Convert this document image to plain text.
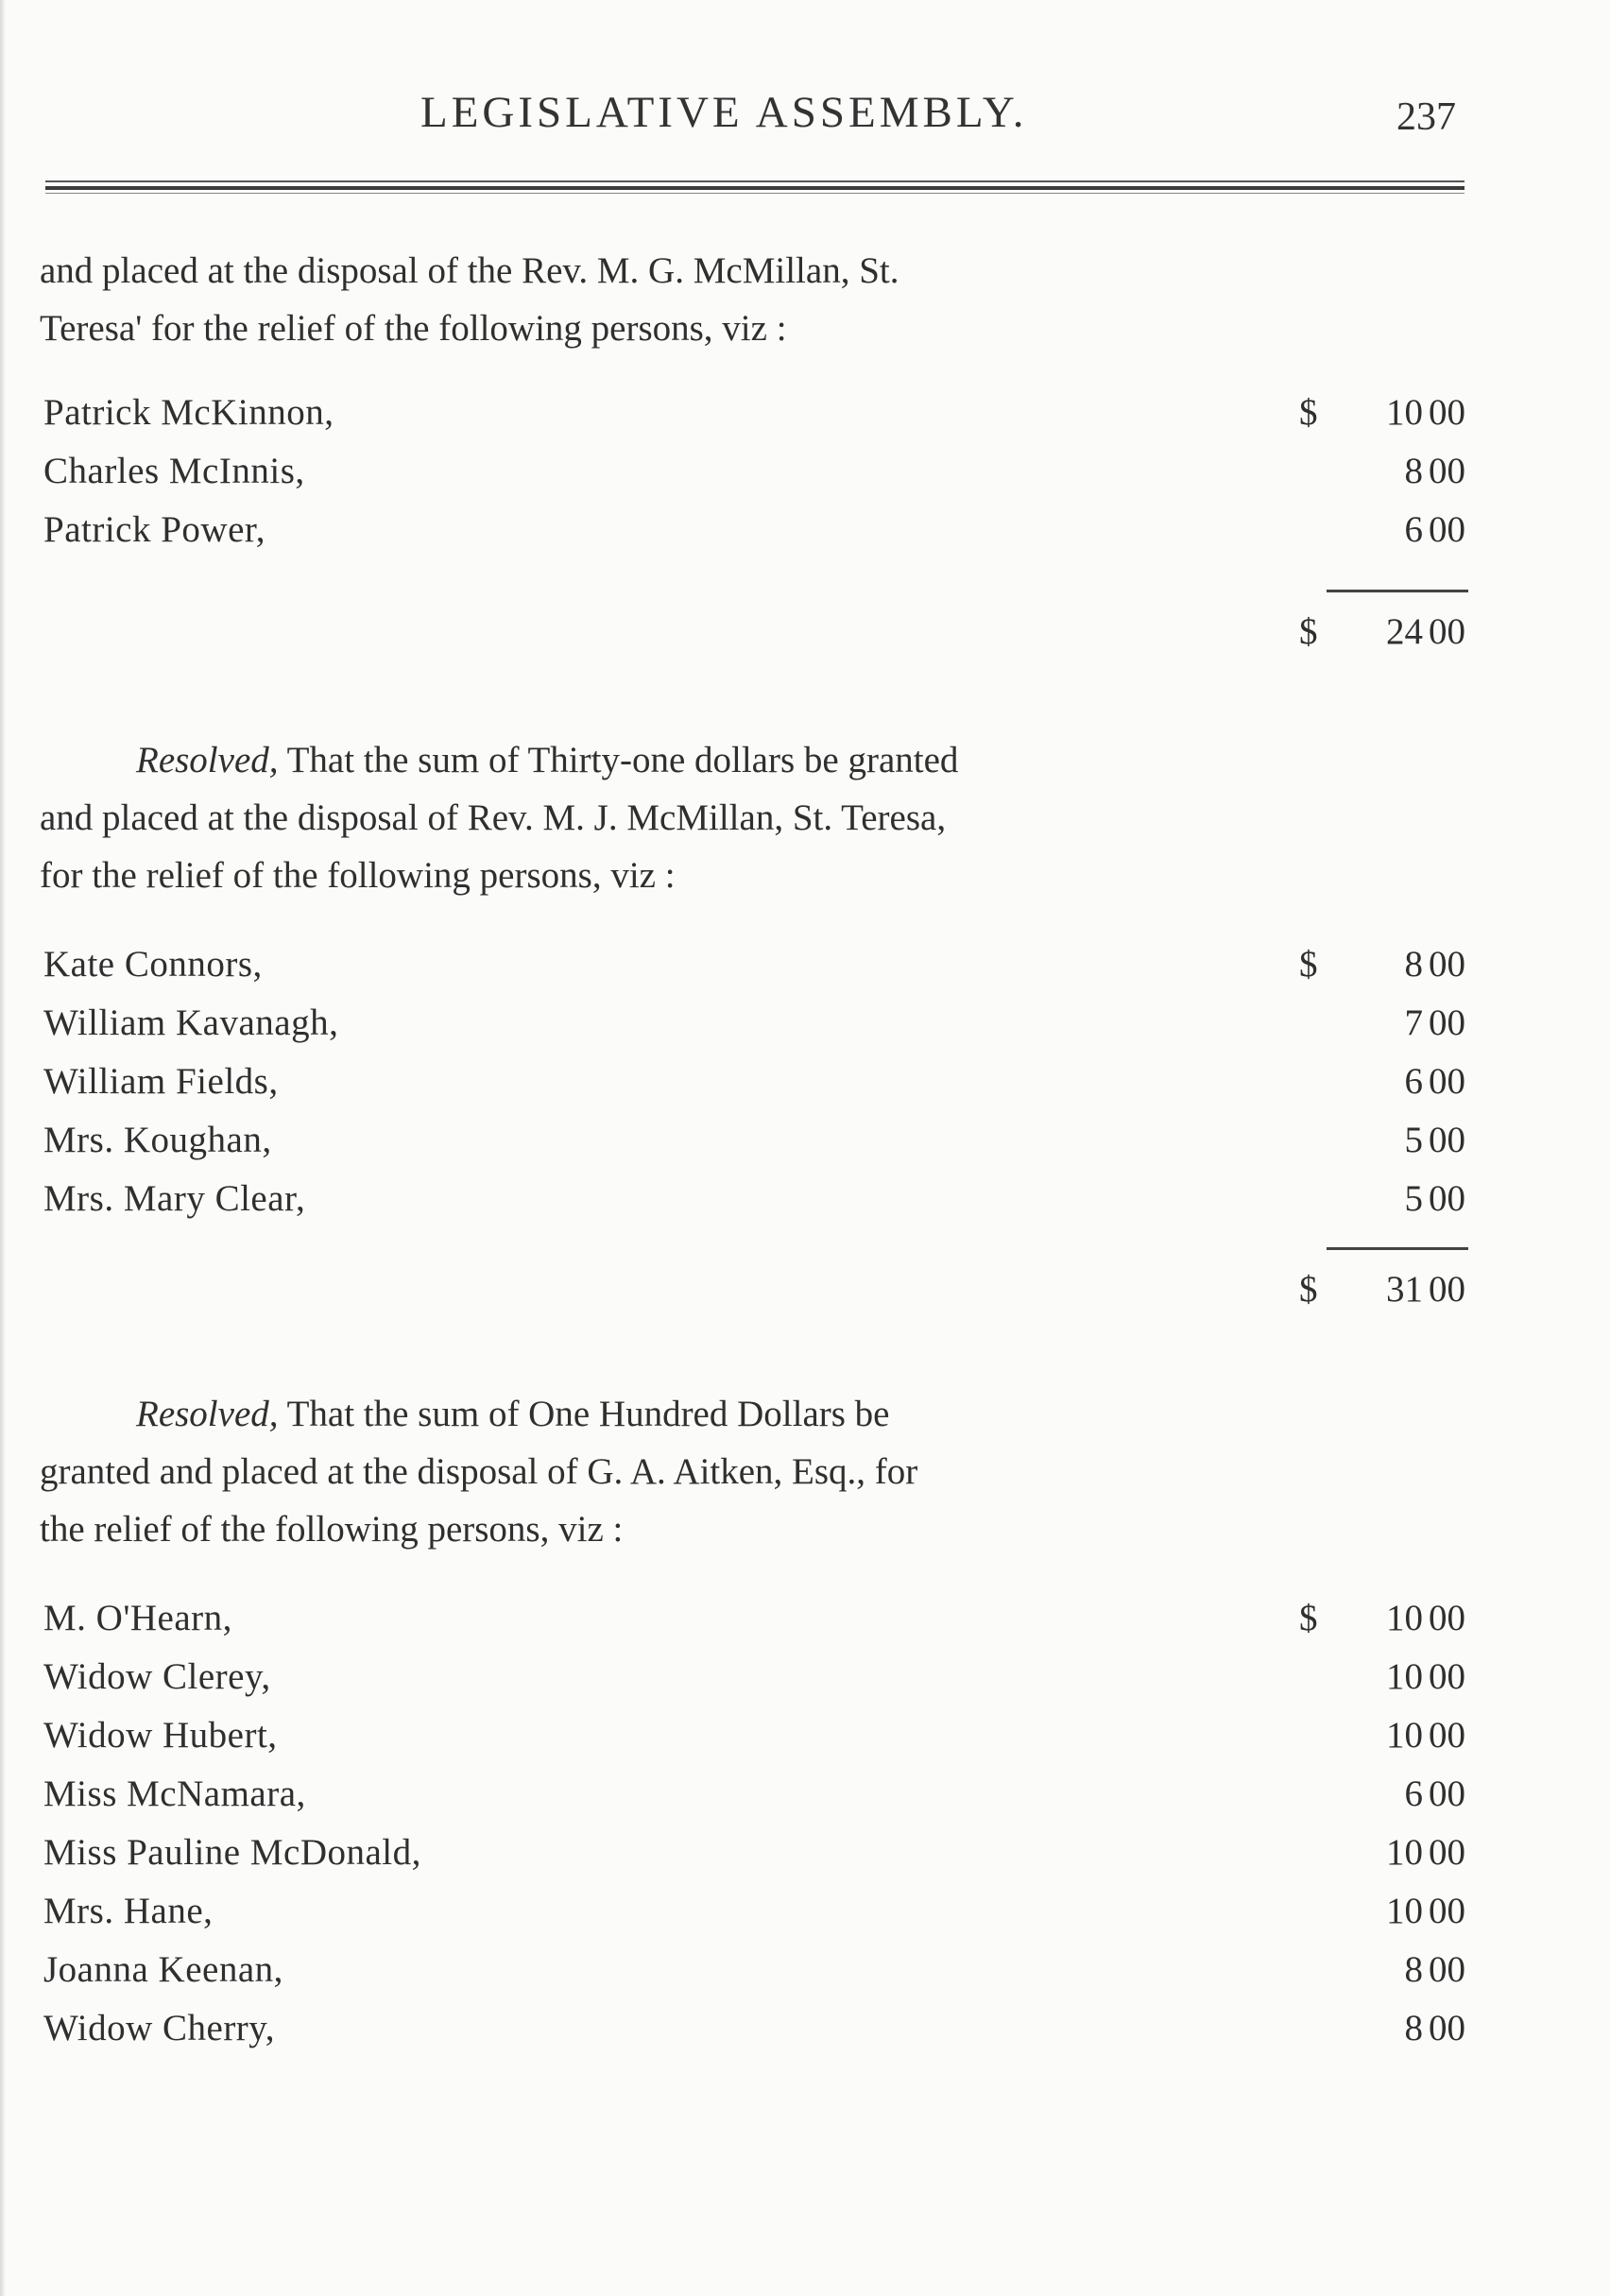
LEGISLATIVE ASSEMBLY.	237
and placed at the disposal of the Rev. M. G. McMillan, St.
Teresa' for the relief of the following persons, viz :
Patrick McKinnon,	$	10 00
Charles McInnis,	8 00
Patrick Power,	6 00
$	24 00
Resolved, That the sum of Thirty-one dollars be granted
and placed at the disposal of Rev. M. J. McMillan, St. Teresa,
for the relief of the following persons, viz :
Kate Connors,	$	8 00
William Kavanagh,	7 00
William Fields,	6 00
Mrs. Koughan,	5 00
Mrs. Mary Clear,	5 00
$	31 00
Resolved, That the sum of One Hundred Dollars be
granted and placed at the disposal of G. A. Aitken, Esq., for
the relief of the following persons, viz :
M. O'Hearn,	$	10 00
Widow Clerey,	10 00
Widow Hubert,	10 00
Miss McNamara,	6 00
Miss Pauline McDonald,	10 00
Mrs. Hane,	10 00
Joanna Keenan,	8 00
Widow Cherry,	8 00
